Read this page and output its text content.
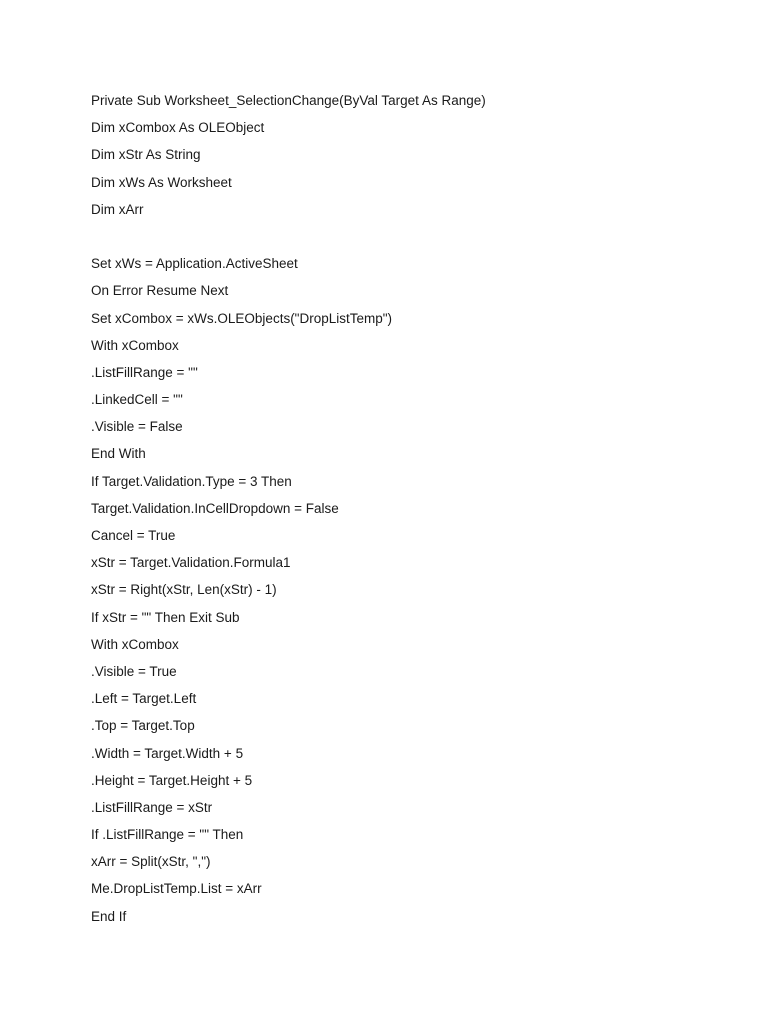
Private Sub Worksheet_SelectionChange(ByVal Target As Range)
Dim xCombox As OLEObject
Dim xStr As String
Dim xWs As Worksheet
Dim xArr
Set xWs = Application.ActiveSheet
On Error Resume Next
Set xCombox = xWs.OLEObjects("DropListTemp")
With xCombox
.ListFillRange = ""
.LinkedCell = ""
.Visible = False
End With
If Target.Validation.Type = 3 Then
Target.Validation.InCellDropdown = False
Cancel = True
xStr = Target.Validation.Formula1
xStr = Right(xStr, Len(xStr) - 1)
If xStr = "" Then Exit Sub
With xCombox
.Visible = True
.Left = Target.Left
.Top = Target.Top
.Width = Target.Width + 5
.Height = Target.Height + 5
.ListFillRange = xStr
If .ListFillRange = "" Then
xArr = Split(xStr, ",")
Me.DropListTemp.List = xArr
End If
